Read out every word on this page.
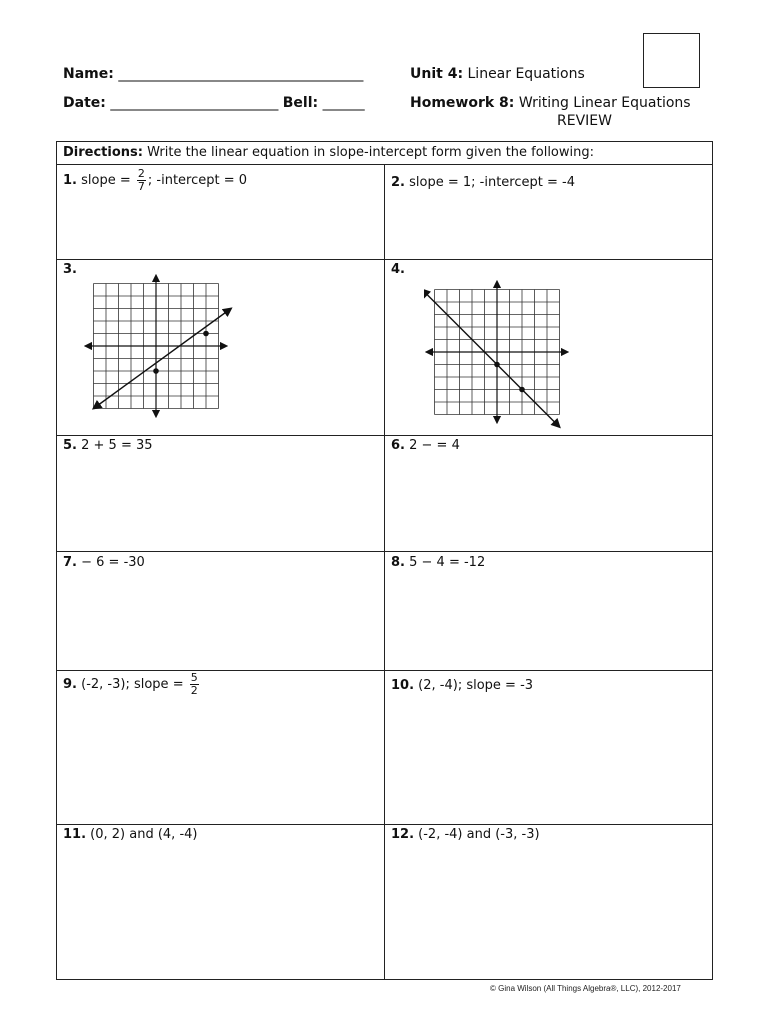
Name: ___________________________________
Date: ________________________ Bell: ______
Unit 4: Linear Equations
Homework 8: Writing Linear Equations
REVIEW
Directions: Write the linear equation in slope-intercept form given the following:
1. slope = $\frac{2}{7}$ ; -intercept = 0	2. slope = 1; -intercept = -4
3.	4.
5. 2 + 5 = 35	6. 2 − = 4
7. − 6 = -30	8. 5 − 4 = -12
9. (-2, -3); slope = $\frac{5}{2}$	10. (2, -4); slope = -3
11. (0, 2) and (4, -4)	12. (-2, -4) and (-3, -3)
© Gina Wilson (All Things Algebra®, LLC), 2012-2017
